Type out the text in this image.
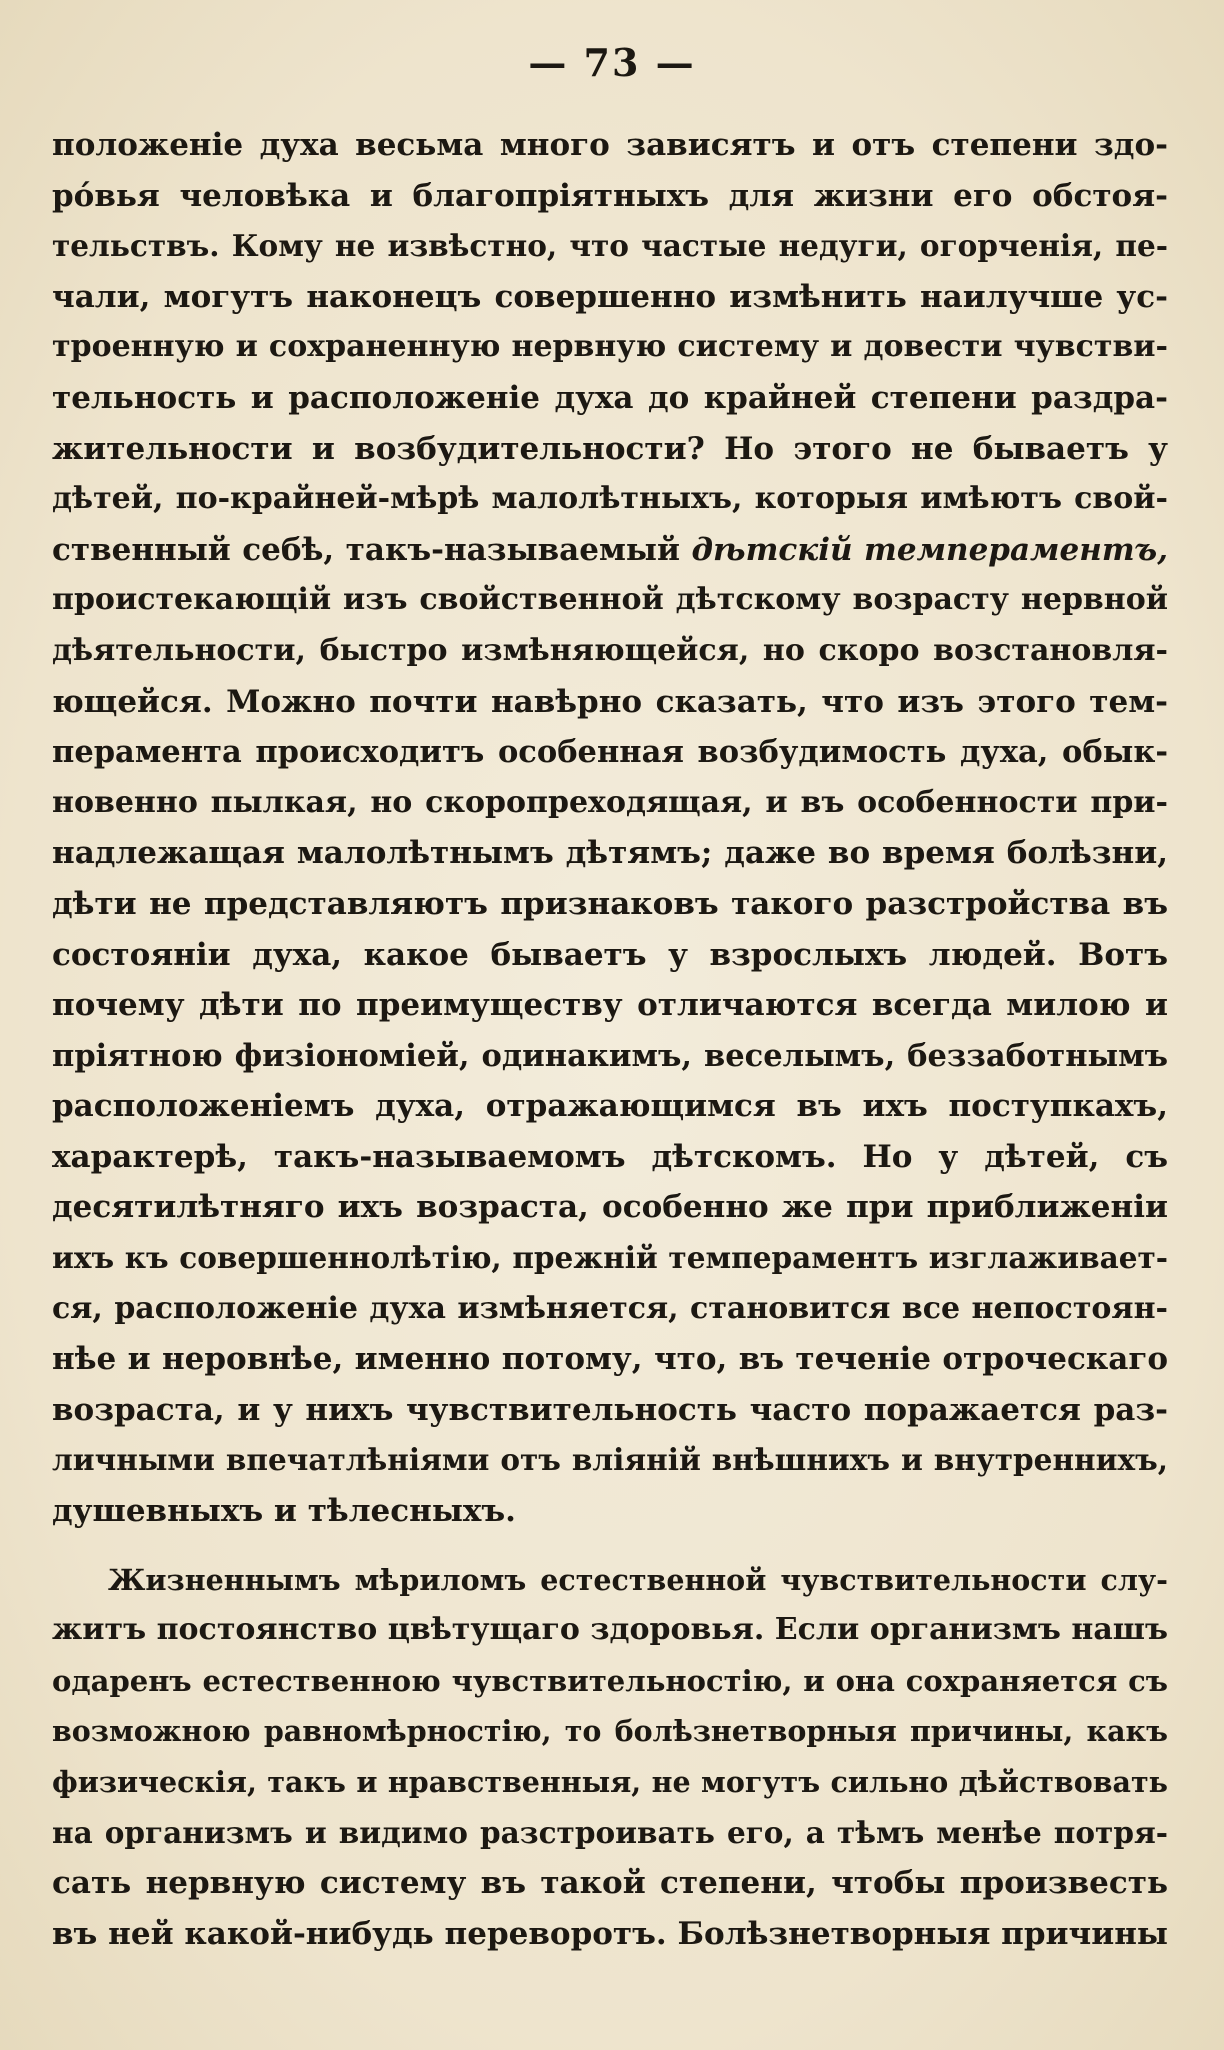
— 73 —
положеніе духа весьма много зависятъ и отъ степени здо-
ро́вья человѣка и благопріятныхъ для жизни его обстоя-
тельствъ. Кому не извѣстно, что частые недуги, огорченія, пе-
чали, могутъ наконецъ совершенно измѣнить наилучше ус-
троенную и сохраненную нервную систему и довести чувстви-
тельность и расположеніе духа до крайней степени раздра-
жительности и возбудительности? Но этого не бываетъ у
дѣтей, по-крайней-мѣрѣ малолѣтныхъ, которыя имѣютъ свой-
ственный себѣ, такъ-называемый дѣтскій темпераментъ,
проистекающій изъ свойственной дѣтскому возрасту нервной
дѣятельности, быстро измѣняющейся, но скоро возстановля-
ющейся. Можно почти навѣрно сказать, что изъ этого тем-
перамента происходитъ особенная возбудимость духа, обык-
новенно пылкая, но скоропреходящая, и въ особенности при-
надлежащая малолѣтнымъ дѣтямъ; даже во время болѣзни,
дѣти не представляютъ признаковъ такого разстройства въ
состояніи духа, какое бываетъ у взрослыхъ людей. Вотъ
почему дѣти по преимуществу отличаются всегда милою и
пріятною физіономіей, одинакимъ, веселымъ, беззаботнымъ
расположеніемъ духа, отражающимся въ ихъ поступкахъ,
характерѣ, такъ-называемомъ дѣтскомъ. Но у дѣтей, съ
десятилѣтняго ихъ возраста, особенно же при приближеніи
ихъ къ совершеннолѣтію, прежній темпераментъ изглаживает-
ся, расположеніе духа измѣняется, становится все непостоян-
нѣе и неровнѣе, именно потому, что, въ теченіе отроческаго
возраста, и у нихъ чувствительность часто поражается раз-
личными впечатлѣніями отъ вліяній внѣшнихъ и внутреннихъ,
душевныхъ и тѣлесныхъ.
Жизненнымъ мѣриломъ естественной чувствительности слу-
житъ постоянство цвѣтущаго здоровья. Если организмъ нашъ
одаренъ естественною чувствительностію, и она сохраняется съ
возможною равномѣрностію, то болѣзнетворныя причины, какъ
физическія, такъ и нравственныя, не могутъ сильно дѣйствовать
на организмъ и видимо разстроивать его, а тѣмъ менѣе потря-
сать нервную систему въ такой степени, чтобы произвесть
въ ней какой-нибудь переворотъ. Болѣзнетворныя причины
